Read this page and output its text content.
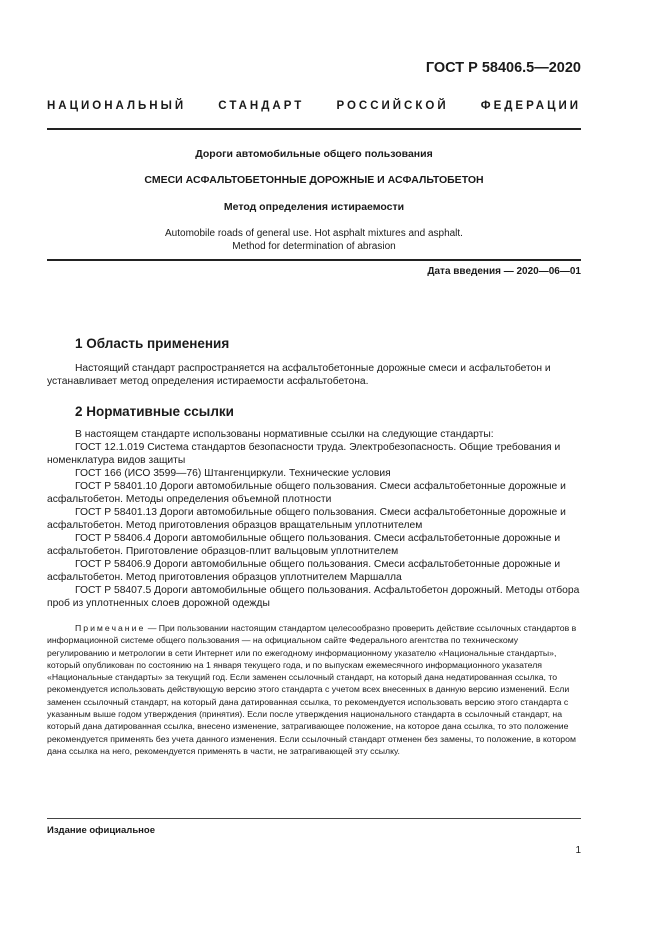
ГОСТ Р 58406.5—2020
НАЦИОНАЛЬНЫЙ СТАНДАРТ РОССИЙСКОЙ ФЕДЕРАЦИИ
Дороги автомобильные общего пользования
СМЕСИ АСФАЛЬТОБЕТОННЫЕ ДОРОЖНЫЕ И АСФАЛЬТОБЕТОН
Метод определения истираемости
Automobile roads of general use. Hot asphalt mixtures and asphalt.
Method for determination of abrasion
Дата введения — 2020—06—01
1 Область применения

Настоящий стандарт распространяется на асфальтобетонные дорожные смеси и асфальтобетон и устанавливает метод определения истираемости асфальтобетона.

2 Нормативные ссылки

В настоящем стандарте использованы нормативные ссылки на следующие стандарты:

ГОСТ 12.1.019 Система стандартов безопасности труда. Электробезопасность. Общие требования и номенклатура видов защиты

ГОСТ 166 (ИСО 3599—76) Штангенциркули. Технические условия

ГОСТ Р 58401.10 Дороги автомобильные общего пользования. Смеси асфальтобетонные дорожные и асфальтобетон. Методы определения объемной плотности

ГОСТ Р 58401.13 Дороги автомобильные общего пользования. Смеси асфальтобетонные дорожные и асфальтобетон. Метод приготовления образцов вращательным уплотнителем

ГОСТ Р 58406.4 Дороги автомобильные общего пользования. Смеси асфальтобетонные дорожные и асфальтобетон. Приготовление образцов-плит вальцовым уплотнителем

ГОСТ Р 58406.9 Дороги автомобильные общего пользования. Смеси асфальтобетонные дорожные и асфальтобетон. Метод приготовления образцов уплотнителем Маршалла

ГОСТ Р 58407.5 Дороги автомобильные общего пользования. Асфальтобетон дорожный. Методы отбора проб из уплотненных слоев дорожной одежды

Примечание — При пользовании настоящим стандартом целесообразно проверить действие ссылочных стандартов в информационной системе общего пользования — на официальном сайте Федерального агентства по техническому регулированию и метрологии в сети Интернет или по ежегодному информационному указателю «Национальные стандарты», который опубликован по состоянию на 1 января текущего года, и по выпускам ежемесячного информационного указателя «Национальные стандарты» за текущий год. Если заменен ссылочный стандарт, на который дана недатированная ссылка, то рекомендуется использовать действующую версию этого стандарта с учетом всех внесенных в данную версию изменений. Если заменен ссылочный стандарт, на который дана датированная ссылка, то рекомендуется использовать версию этого стандарта с указанным выше годом утверждения (принятия). Если после утверждения национального стандарта в ссылочный стандарт, на который дана датированная ссылка, внесено изменение, затрагивающее положение, на которое дана ссылка, то это положение рекомендуется применять без учета данного изменения. Если ссылочный стандарт отменен без замены, то положение, в котором дана ссылка на него, рекомендуется применять в части, не затрагивающей эту ссылку.

Издание официальное
1
